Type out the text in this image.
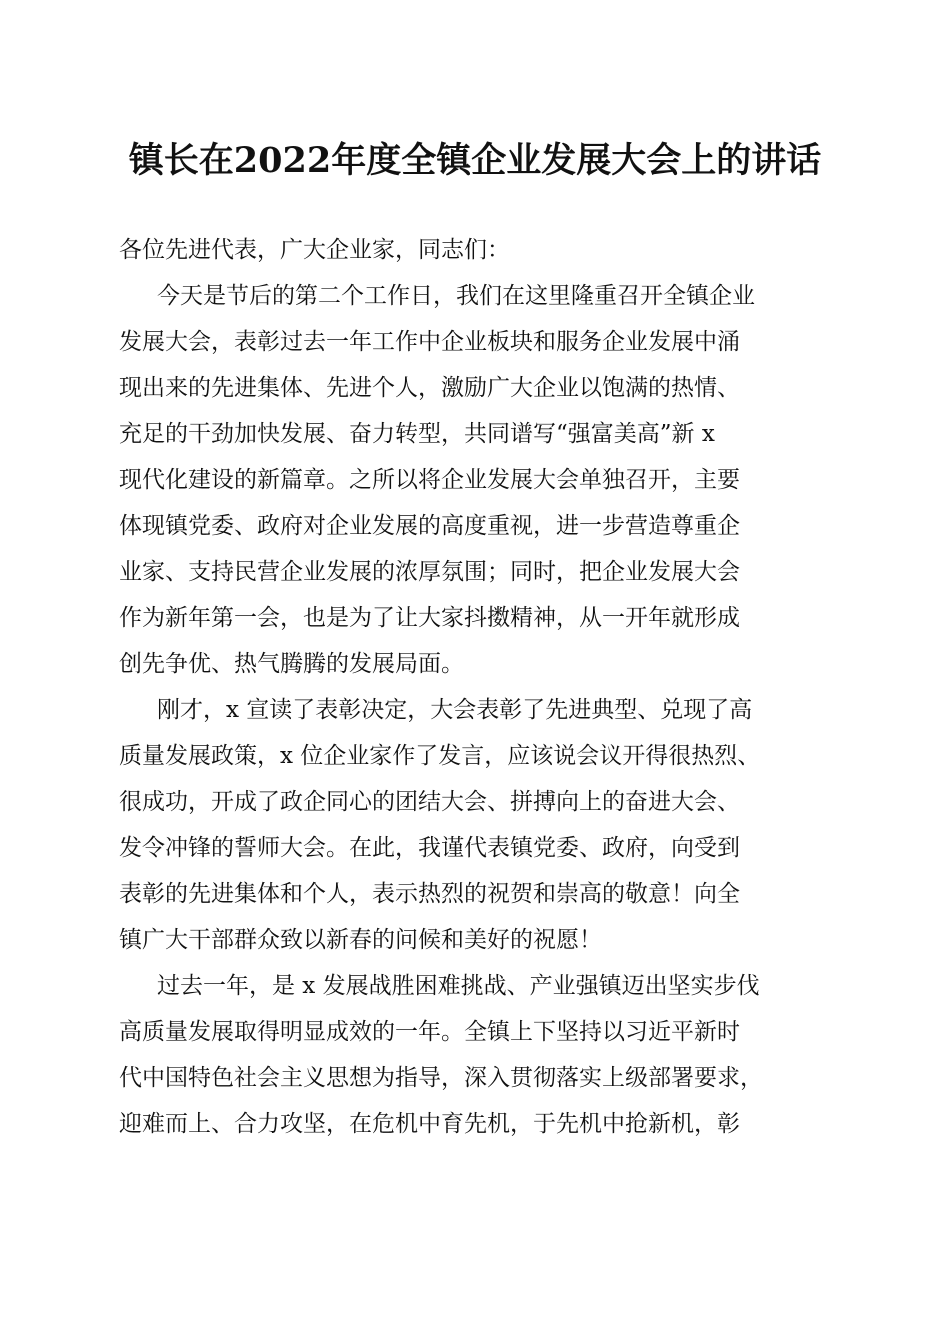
镇长在2022年度全镇企业发展大会上的讲话

各位先进代表，广大企业家，同志们：

今天是节后的第二个工作日，我们在这里隆重召开全镇企业
发展大会，表彰过去一年工作中企业板块和服务企业发展中涌
现出来的先进集体、先进个人，激励广大企业以饱满的热情、
充足的干劲加快发展、奋力转型，共同谱写“强富美高”新 x
现代化建设的新篇章。之所以将企业发展大会单独召开，主要
体现镇党委、政府对企业发展的高度重视，进一步营造尊重企
业家、支持民营企业发展的浓厚氛围；同时，把企业发展大会
作为新年第一会，也是为了让大家抖擞精神，从一开年就形成
创先争优、热气腾腾的发展局面。

刚才，x 宣读了表彰决定，大会表彰了先进典型、兑现了高
质量发展政策，x 位企业家作了发言，应该说会议开得很热烈、
很成功，开成了政企同心的团结大会、拼搏向上的奋进大会、
发令冲锋的誓师大会。在此，我谨代表镇党委、政府，向受到
表彰的先进集体和个人，表示热烈的祝贺和崇高的敬意！向全
镇广大干部群众致以新春的问候和美好的祝愿！

过去一年，是 x 发展战胜困难挑战、产业强镇迈出坚实步伐
高质量发展取得明显成效的一年。全镇上下坚持以习近平新时
代中国特色社会主义思想为指导，深入贯彻落实上级部署要求，
迎难而上、合力攻坚，在危机中育先机，于先机中抢新机，彰
